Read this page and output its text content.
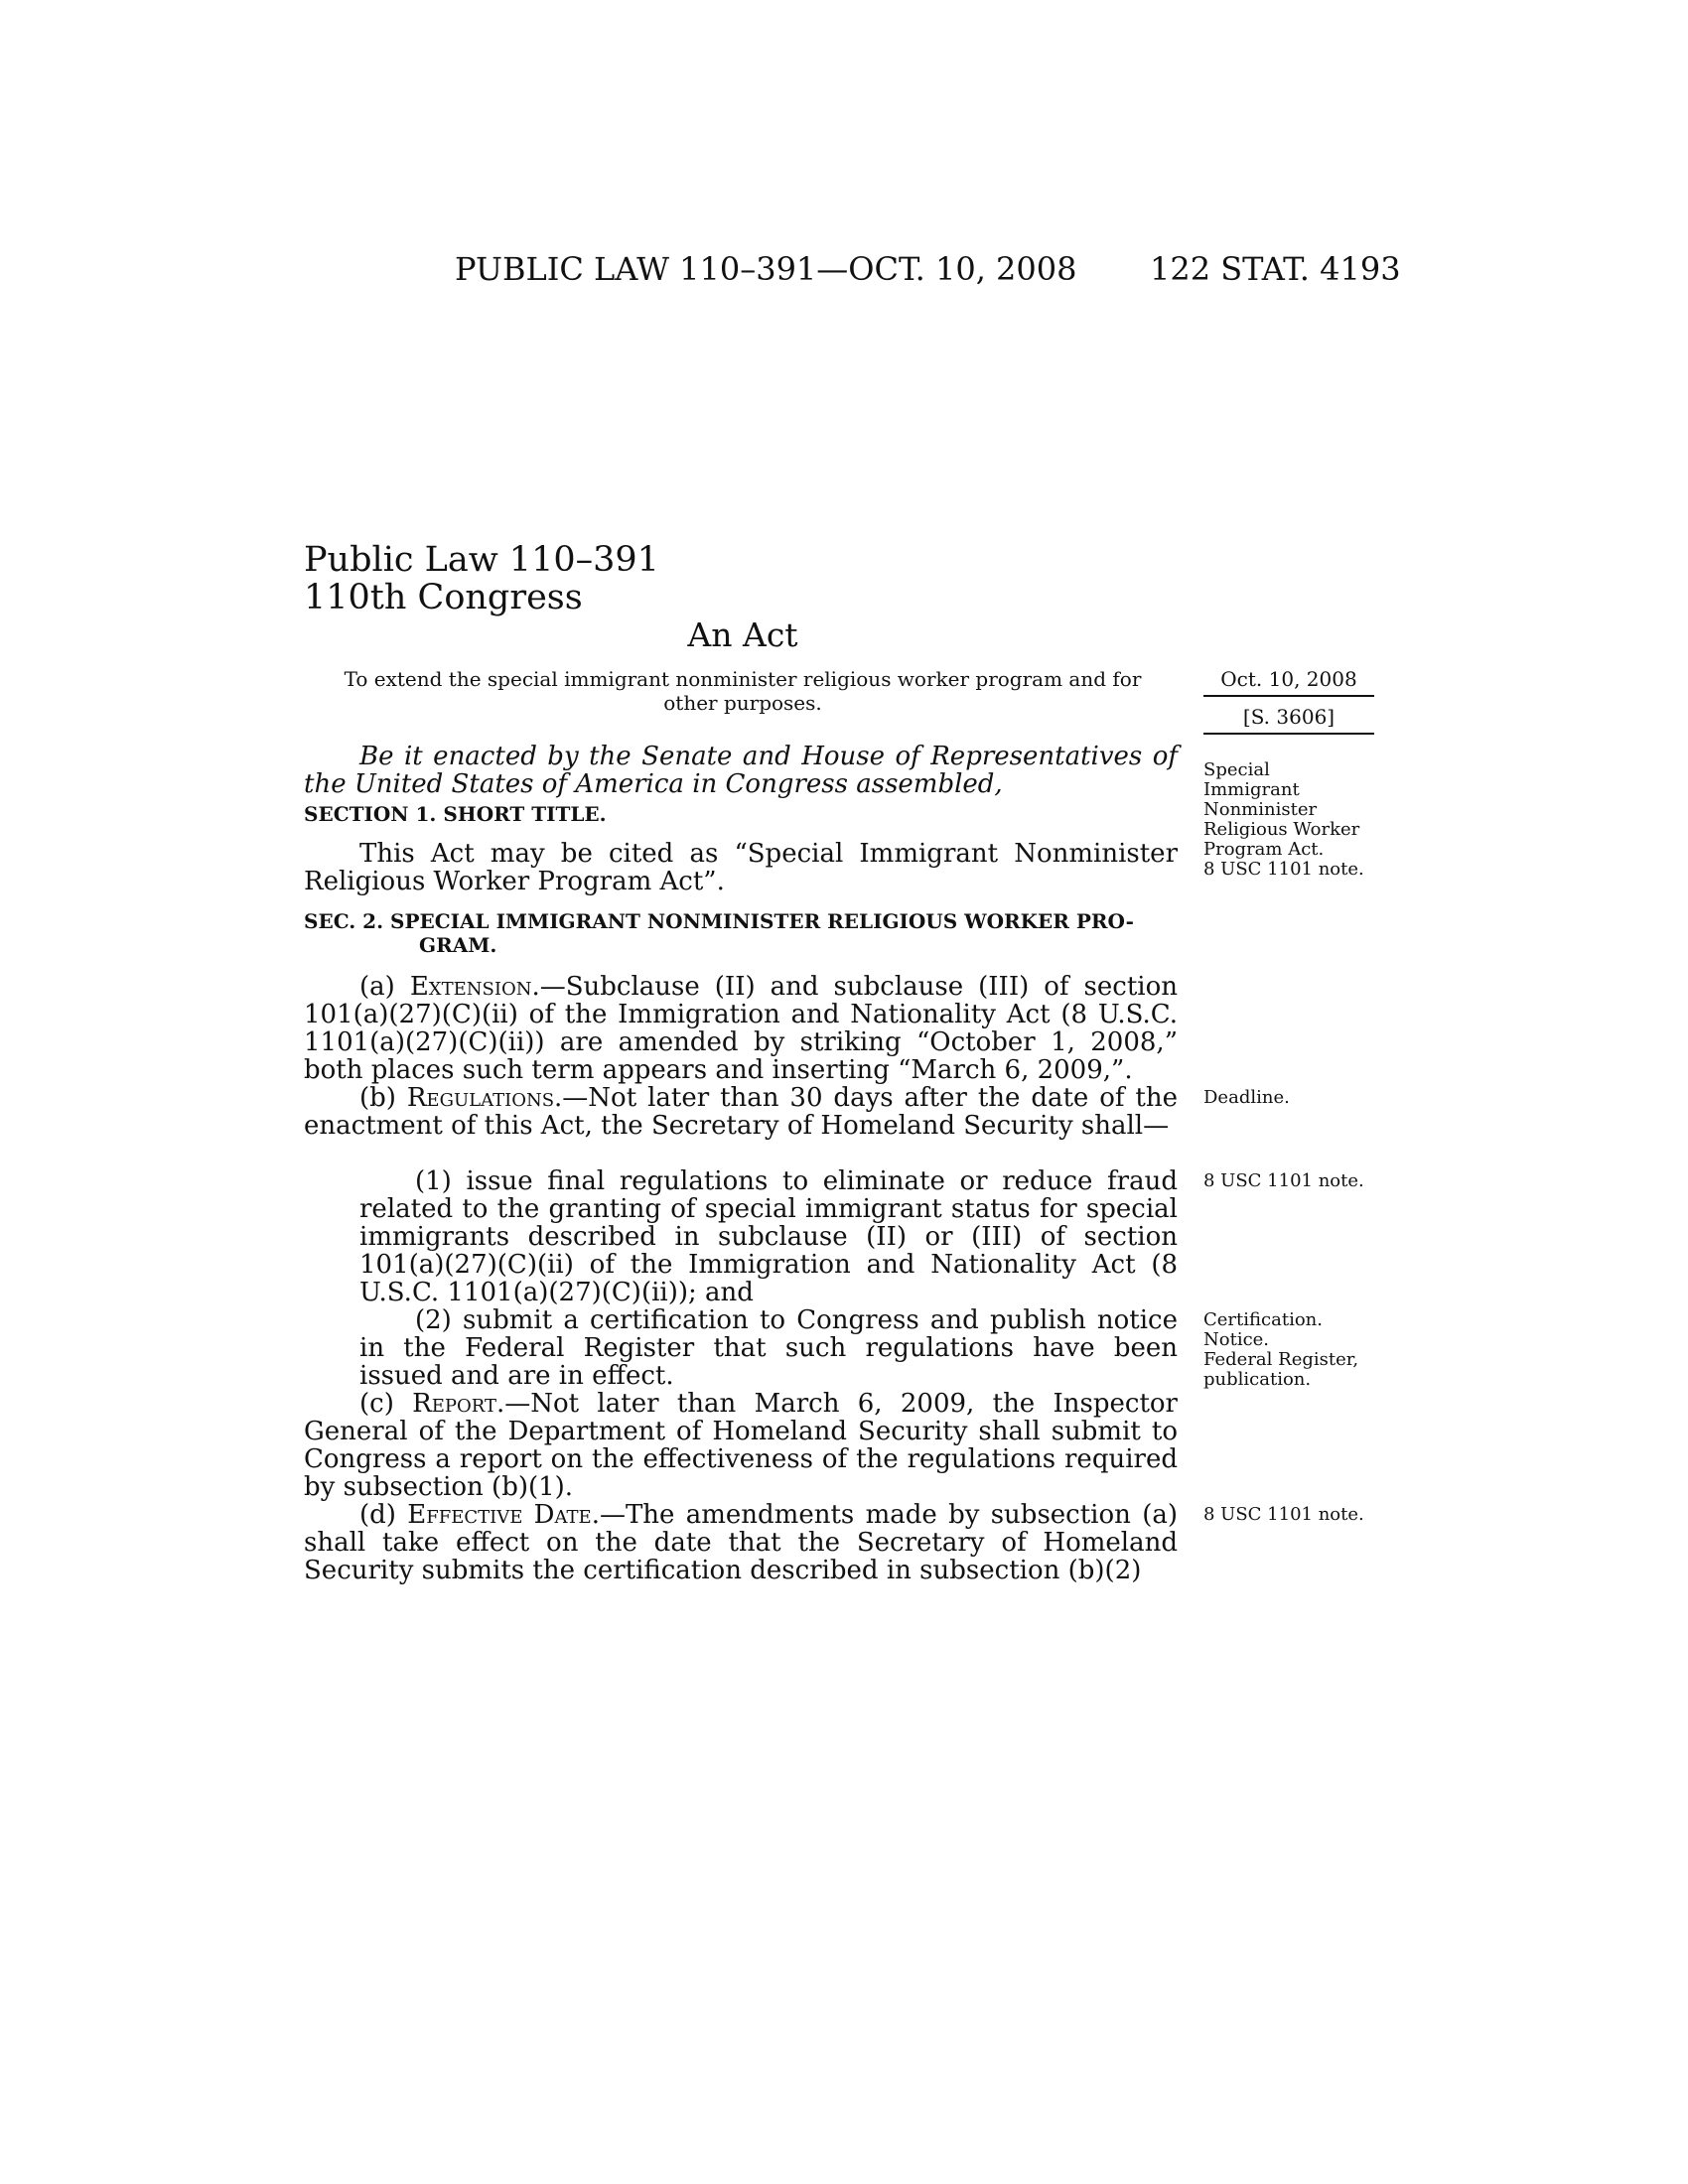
PUBLIC LAW 110–391—OCT. 10, 2008 122 STAT. 4193
Public Law 110–391
110th Congress
An Act
To extend the special immigrant nonminister religious worker program and for
other purposes.
Oct. 10, 2008
[S. 3606]
Be it enacted by the Senate and House of Representatives of the United States of America in Congress assembled,
SECTION 1. SHORT TITLE.
This Act may be cited as “Special Immigrant Nonminister Religious Worker Program Act”.
SEC. 2. SPECIAL IMMIGRANT NONMINISTER RELIGIOUS WORKER PRO-
GRAM.
(a) Extension.—Subclause (II) and subclause (III) of section 101(a)(27)(C)(ii) of the Immigration and Nationality Act (8 U.S.C. 1101(a)(27)(C)(ii)) are amended by striking “October 1, 2008,” both places such term appears and inserting “March 6, 2009,”.
(b) Regulations.—Not later than 30 days after the date of the enactment of this Act, the Secretary of Homeland Security shall—
(1) issue final regulations to eliminate or reduce fraud related to the granting of special immigrant status for special immigrants described in subclause (II) or (III) of section 101(a)(27)(C)(ii) of the Immigration and Nationality Act (8 U.S.C. 1101(a)(27)(C)(ii)); and
(2) submit a certification to Congress and publish notice in the Federal Register that such regulations have been issued and are in effect.
(c) Report.—Not later than March 6, 2009, the Inspector General of the Department of Homeland Security shall submit to Congress a report on the effectiveness of the regulations required by subsection (b)(1).
(d) Effective Date.—The amendments made by subsection (a) shall take effect on the date that the Secretary of Homeland Security submits the certification described in subsection (b)(2)
Special
Immigrant
Nonminister
Religious Worker
Program Act.
8 USC 1101 note.
Deadline.
8 USC 1101 note.
Certification.
Notice.
Federal Register,
publication.
8 USC 1101 note.
